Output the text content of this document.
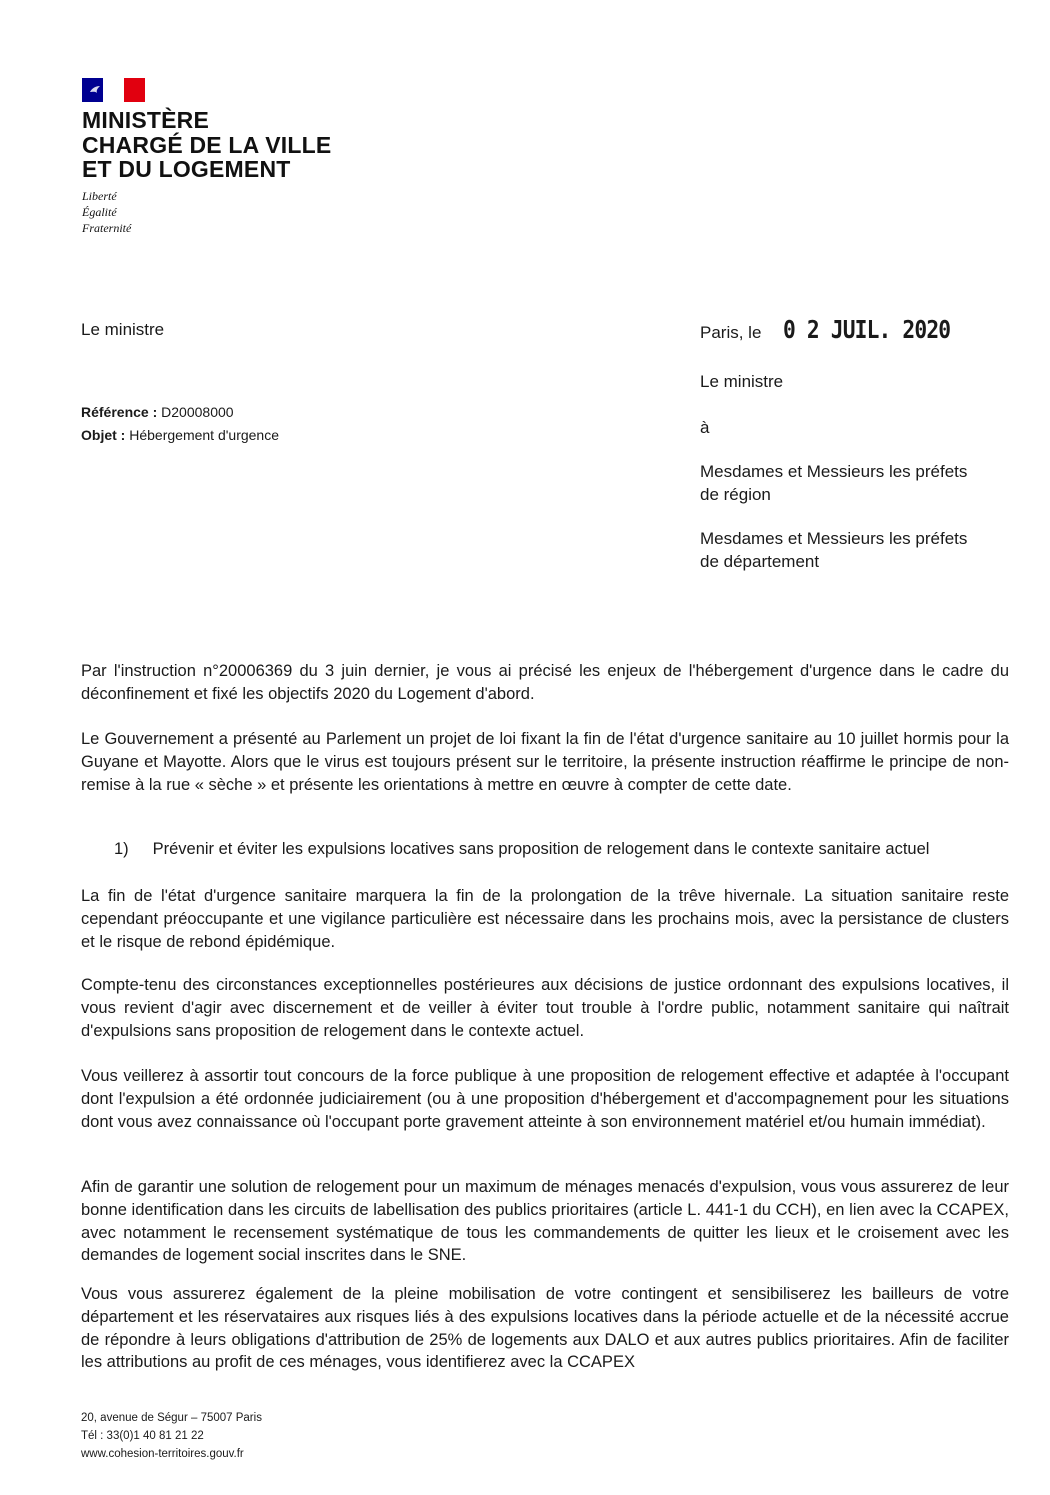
MINISTÈRE
CHARGÉ DE LA VILLE
ET DU LOGEMENT
Liberté
Égalité
Fraternité
Le ministre
Référence : D20008000
Objet : Hébergement d'urgence
Paris, le 0 2 JUIL. 2020
Le ministre
à
Mesdames et Messieurs les préfets
de région
Mesdames et Messieurs les préfets
de département

Par l'instruction n°20006369 du 3 juin dernier, je vous ai précisé les enjeux de l'hébergement d'urgence dans le cadre du déconfinement et fixé les objectifs 2020 du Logement d'abord.

Le Gouvernement a présenté au Parlement un projet de loi fixant la fin de l'état d'urgence sanitaire au 10 juillet hormis pour la Guyane et Mayotte. Alors que le virus est toujours présent sur le territoire, la présente instruction réaffirme le principe de non-remise à la rue « sèche » et présente les orientations à mettre en œuvre à compter de cette date.

La fin de l'état d'urgence sanitaire marquera la fin de la prolongation de la trêve hivernale. La situation sanitaire reste cependant préoccupante et une vigilance particulière est nécessaire dans les prochains mois, avec la persistance de clusters et le risque de rebond épidémique.

Compte-tenu des circonstances exceptionnelles postérieures aux décisions de justice ordonnant des expulsions locatives, il vous revient d'agir avec discernement et de veiller à éviter tout trouble à l'ordre public, notamment sanitaire qui naîtrait d'expulsions sans proposition de relogement dans le contexte actuel.

Vous veillerez à assortir tout concours de la force publique à une proposition de relogement effective et adaptée à l'occupant dont l'expulsion a été ordonnée judiciairement (ou à une proposition d'hébergement et d'accompagnement pour les situations dont vous avez connaissance où l'occupant porte gravement atteinte à son environnement matériel et/ou humain immédiat).

Afin de garantir une solution de relogement pour un maximum de ménages menacés d'expulsion, vous vous assurerez de leur bonne identification dans les circuits de labellisation des publics prioritaires (article L. 441-1 du CCH), en lien avec la CCAPEX, avec notamment le recensement systématique de tous les commandements de quitter les lieux et le croisement avec les demandes de logement social inscrites dans le SNE.

Vous vous assurerez également de la pleine mobilisation de votre contingent et sensibiliserez les bailleurs de votre département et les réservataires aux risques liés à des expulsions locatives dans la période actuelle et de la nécessité accrue de répondre à leurs obligations d'attribution de 25% de logements aux DALO et aux autres publics prioritaires. Afin de faciliter les attributions au profit de ces ménages, vous identifierez avec la CCAPEX

1) Prévenir et éviter les expulsions locatives sans proposition de relogement dans le contexte sanitaire actuel
20, avenue de Ségur – 75007 Paris
Tél : 33(0)1 40 81 21 22
www.cohesion-territoires.gouv.fr
